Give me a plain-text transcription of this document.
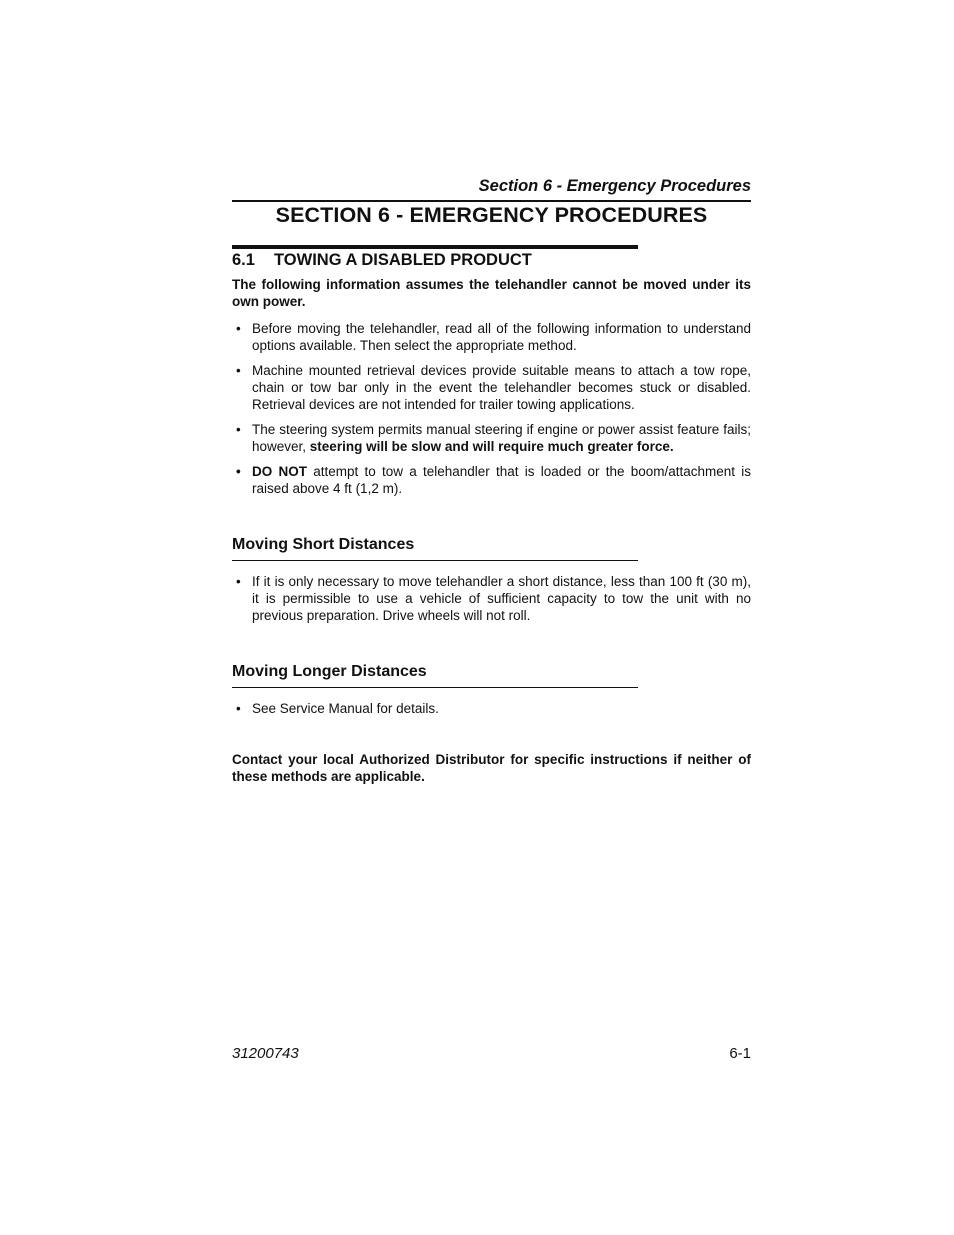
Section 6 - Emergency Procedures
SECTION 6 - EMERGENCY PROCEDURES
6.1 TOWING A DISABLED PRODUCT
The following information assumes the telehandler cannot be moved under its own power.
• Before moving the telehandler, read all of the following information to understand options available. Then select the appropriate method.
• Machine mounted retrieval devices provide suitable means to attach a tow rope, chain or tow bar only in the event the telehandler becomes stuck or disabled. Retrieval devices are not intended for trailer towing applications.
• The steering system permits manual steering if engine or power assist feature fails; however, steering will be slow and will require much greater force.
• DO NOT attempt to tow a telehandler that is loaded or the boom/attachment is raised above 4 ft (1,2 m).
Moving Short Distances
• If it is only necessary to move telehandler a short distance, less than 100 ft (30 m), it is permissible to use a vehicle of sufficient capacity to tow the unit with no previous preparation. Drive wheels will not roll.
Moving Longer Distances
• See Service Manual for details.
Contact your local Authorized Distributor for specific instructions if neither of these methods are applicable.
31200743	6-1
